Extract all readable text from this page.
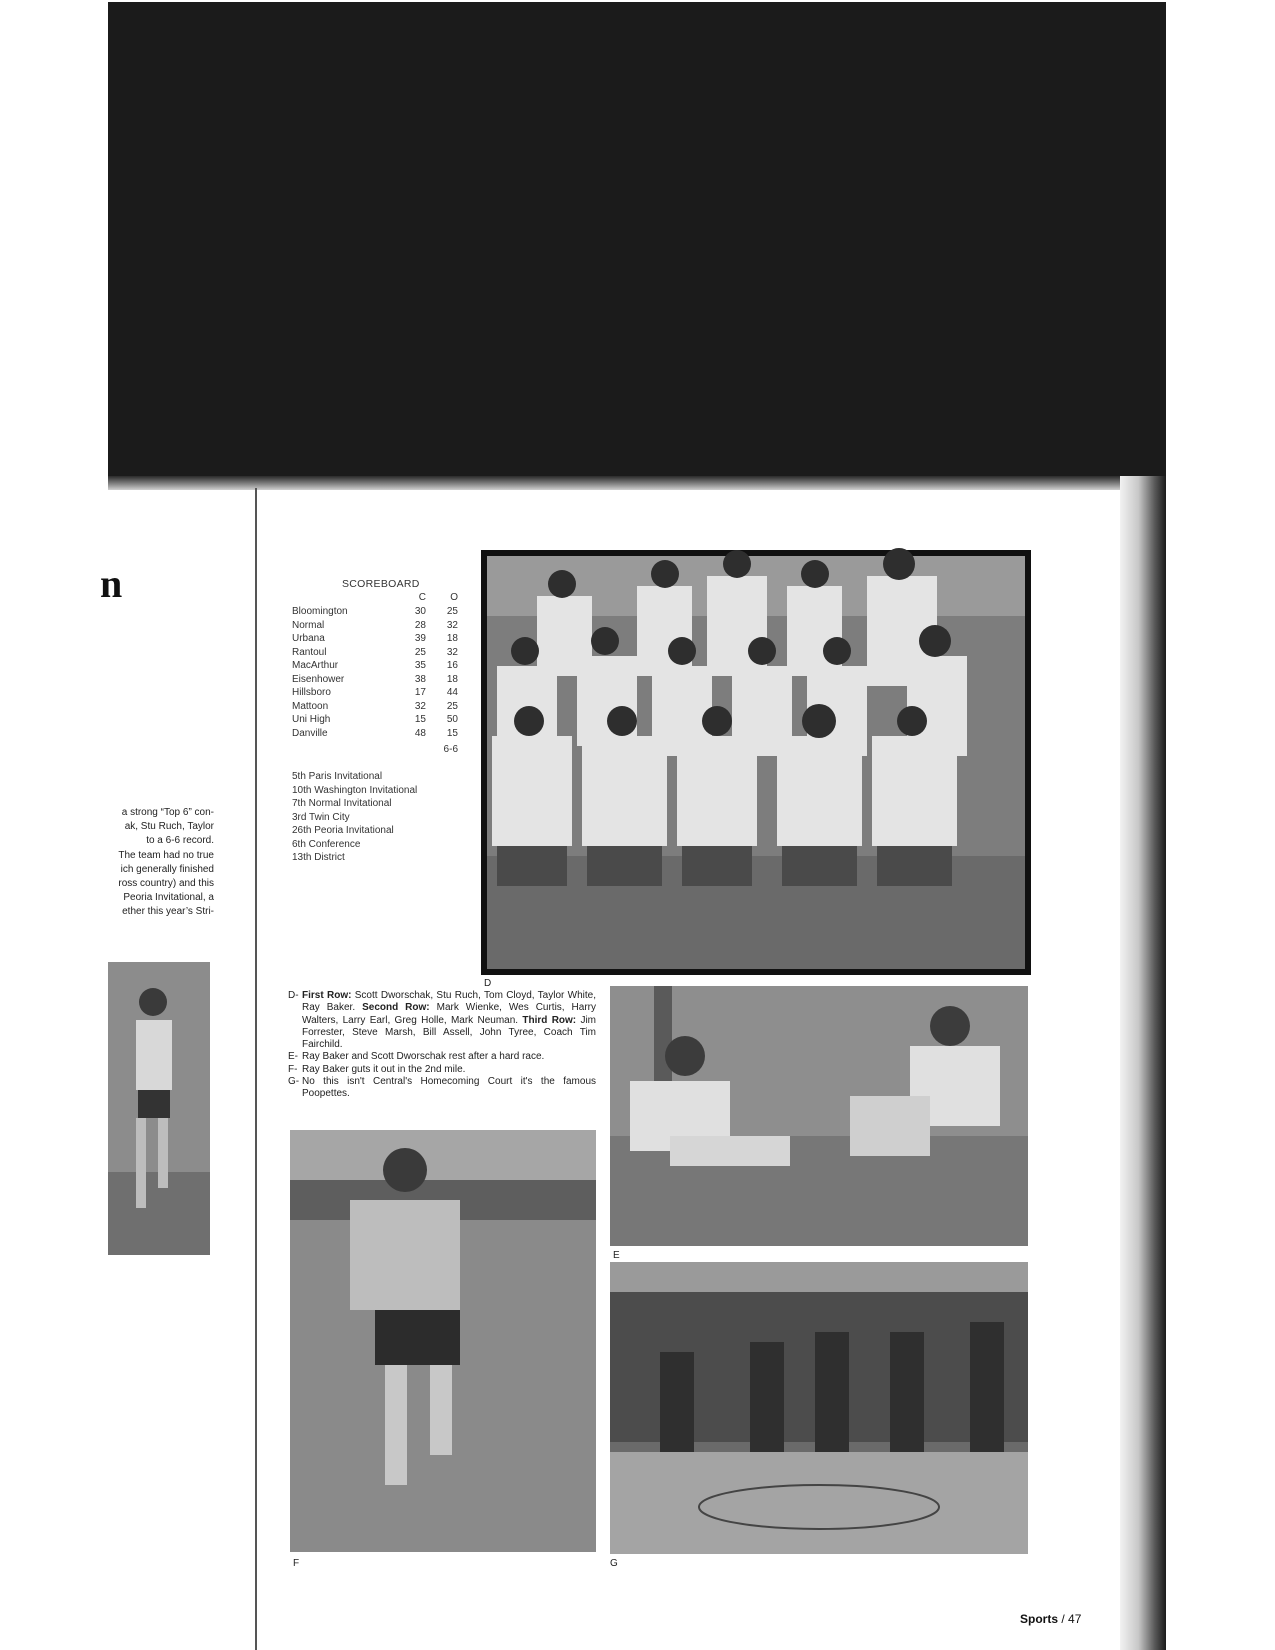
n
a strong “Top 6” con-
ak, Stu Ruch, Taylor
to a 6-6 record.
The team had no true
ich generally finished
ross country) and this
Peoria Invitational, a
ether this year’s Stri-
SCOREBOARD
C	O
Bloomington	30	25
Normal	28	32
Urbana	39	18
Rantoul	25	32
MacArthur	35	16
Eisenhower	38	18
Hillsboro	17	44
Mattoon	32	25
Uni High	15	50
Danville	48	15
6-6
5th Paris Invitational
10th Washington Invitational
7th Normal Invitational
3rd Twin City
26th Peoria Invitational
6th Conference
13th District
D
D- First Row: Scott Dworschak, Stu Ruch, Tom Cloyd, Taylor White, Ray Baker. Second Row: Mark Wienke, Wes Curtis, Harry Walters, Larry Earl, Greg Holle, Mark Neuman. Third Row: Jim Forrester, Steve Marsh, Bill Assell, John Tyree, Coach Tim Fairchild.
E- Ray Baker and Scott Dworschak rest after a hard race.
F- Ray Baker guts it out in the 2nd mile.
G- No this isn't Central's Homecoming Court it's the famous Poopettes.
E
F	G
Sports / 47
